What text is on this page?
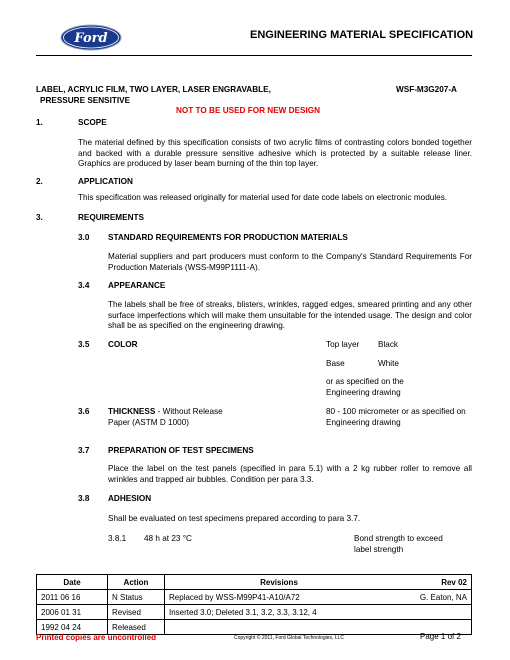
Ford	ENGINEERING MATERIAL SPECIFICATION
LABEL, ACRYLIC FILM, TWO LAYER, LASER ENGRAVABLE,
PRESSURE SENSITIVE
WSF-M3G207-A
NOT TO BE USED FOR NEW DESIGN
1.	SCOPE
The material defined by this specification consists of two acrylic films of contrasting colors bonded together and backed with a durable pressure sensitive adhesive which is protected by a suitable release liner. Graphics are produced by laser beam burning of the thin top layer.
2.	APPLICATION
This specification was released originally for material used for date code labels on electronic modules.
3.	REQUIREMENTS
3.0 STANDARD REQUIREMENTS FOR PRODUCTION MATERIALS
Material suppliers and part producers must conform to the Company's Standard Requirements For Production Materials (WSS-M99P1111-A).
3.4 APPEARANCE
The labels shall be free of streaks, blisters, wrinkles, ragged edges, smeared printing and any other surface imperfections which will make them unsuitable for the intended usage. The design and color shall be as specified on the engineering drawing.
3.5 COLOR	Top layer Black
Base	White
or as specified on the Engineering drawing
3.6 THICKNESS - Without Release Paper (ASTM D 1000)
80 - 100 micrometer or as specified on Engineering drawing
3.7 PREPARATION OF TEST SPECIMENS
Place the label on the test panels (specified in para 5.1) with a 2 kg rubber roller to remove all wrinkles and trapped air bubbles. Condition per para 3.3.
3.8 ADHESION
Shall be evaluated on test specimens prepared according to para 3.7.
3.8.1 48 h at 23 °C	Bond strength to exceed label strength
Date	Action	Revisions	Rev 02
2011 06 16	N Status	Replaced by WSS-M99P41-A10/A72	G. Eaton, NA
2006 01 31	Revised	Inserted 3.0; Deleted 3.1, 3.2, 3.3, 3.12, 4	
1992 04 24	Released		
Printed copies are uncontrolled	Copyright © 2011, Ford Global Technologies, LLC	Page 1 of 2
